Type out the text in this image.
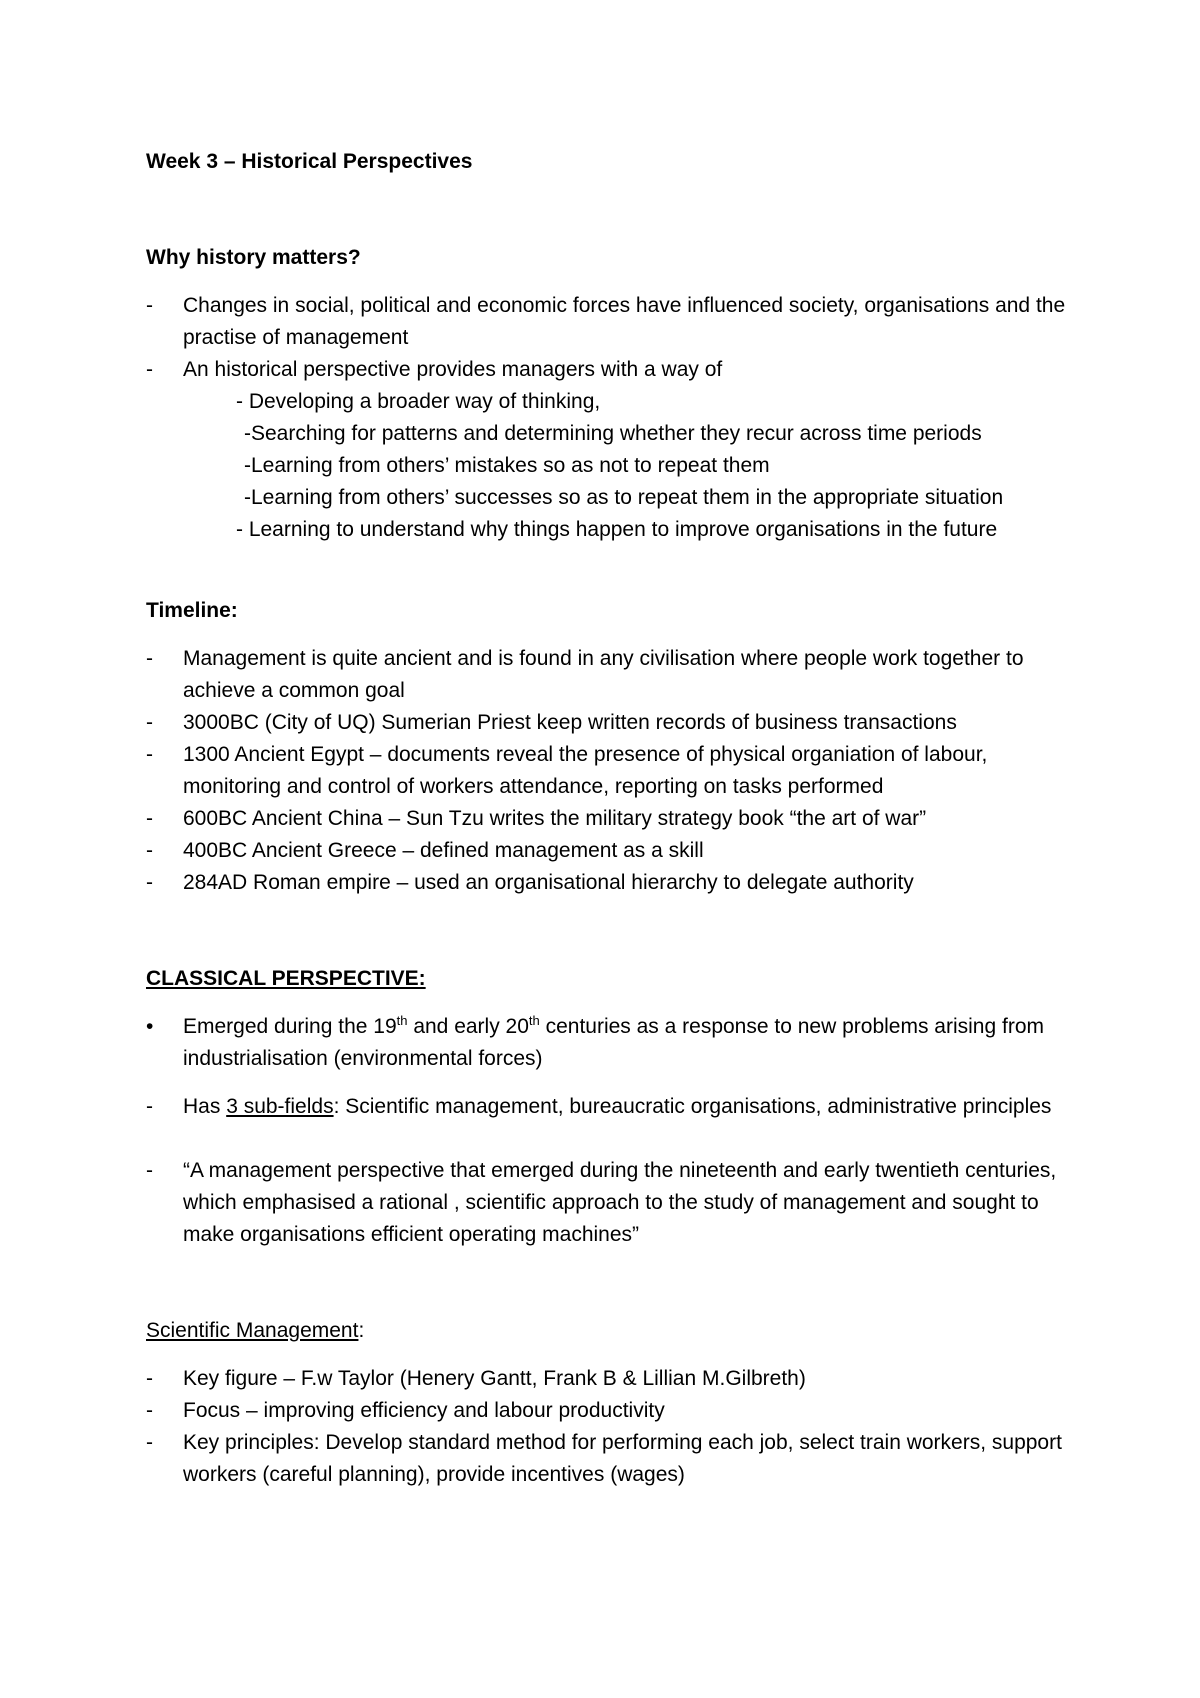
Week 3 – Historical Perspectives
Why history matters?
-	Changes in social, political and economic forces have influenced society, organisations and the practise of management
-	An historical perspective provides managers with a way of
- Developing a broader way of thinking,
-Searching for patterns and determining whether they recur across time periods
-Learning from others’ mistakes so as not to repeat them
-Learning from others’ successes so as to repeat them in the appropriate situation
- Learning to understand why things happen to improve organisations in the future
Timeline:
-	Management is quite ancient and is found in any civilisation where people work together to achieve a common goal
-	3000BC (City of UQ) Sumerian Priest keep written records of business transactions
-	1300 Ancient Egypt – documents reveal the presence of physical organiation of labour, monitoring and control of workers attendance, reporting on tasks performed
-	600BC Ancient China – Sun Tzu writes the military strategy book “the art of war”
-	400BC Ancient Greece – defined management as a skill
-	284AD Roman empire – used an organisational hierarchy to delegate authority
CLASSICAL PERSPECTIVE:
•	Emerged during the 19th and early 20th centuries as a response to new problems arising from industrialisation (environmental forces)
-	Has 3 sub-fields: Scientific management, bureaucratic organisations, administrative principles
-	“A management perspective that emerged during the nineteenth and early twentieth centuries, which emphasised a rational , scientific approach to the study of management and sought to make organisations efficient operating machines”
Scientific Management:
-	Key figure – F.w Taylor (Henery Gantt, Frank B & Lillian M.Gilbreth)
-	Focus – improving efficiency and labour productivity
-	Key principles: Develop standard method for performing each job, select train workers, support workers (careful planning), provide incentives (wages)
